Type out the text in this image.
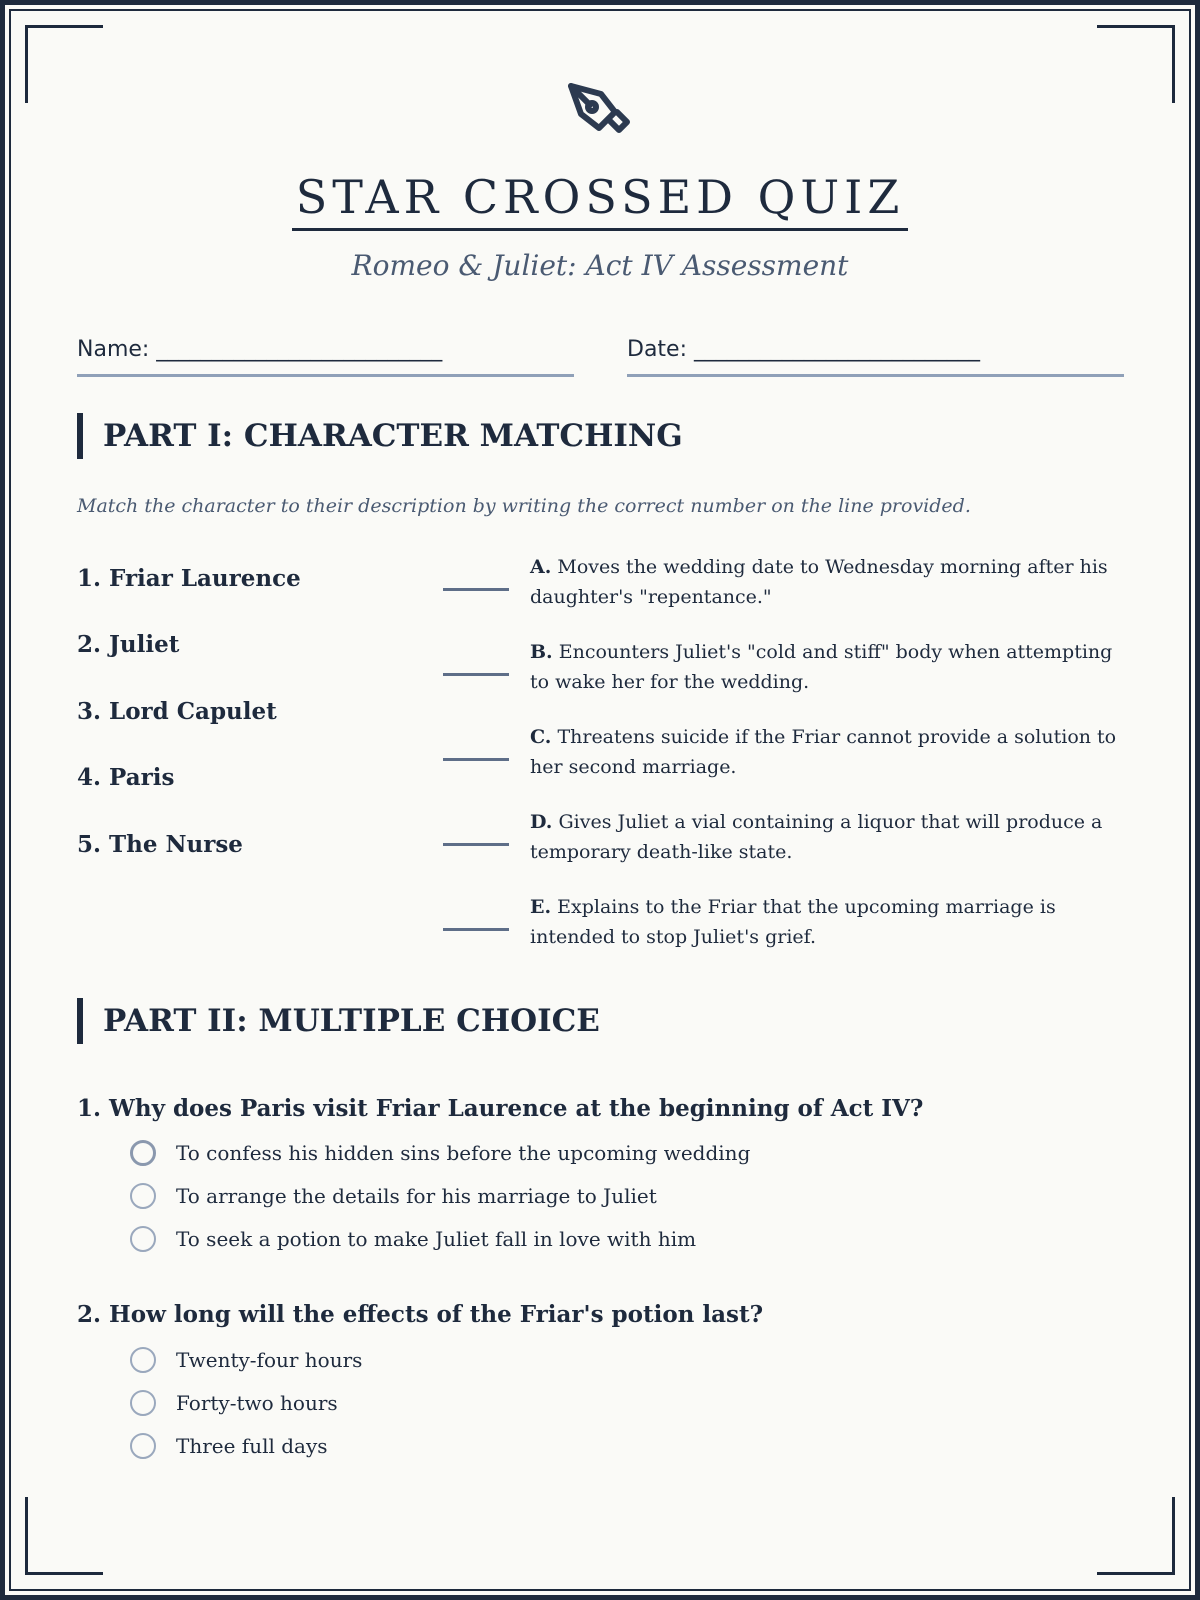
STAR CROSSED QUIZ
Romeo & Juliet: Act IV Assessment
Name: __________________________	Date: __________________________
PART I: CHARACTER MATCHING
Match the character to their description by writing the correct number on the line provided.
1. Friar Laurence
2. Juliet
3. Lord Capulet
4. Paris
5. The Nurse
A. Moves the wedding date to Wednesday morning after his daughter's "repentance."
B. Encounters Juliet's "cold and stiff" body when attempting to wake her for the wedding.
C. Threatens suicide if the Friar cannot provide a solution to her second marriage.
D. Gives Juliet a vial containing a liquor that will produce a temporary death-like state.
E. Explains to the Friar that the upcoming marriage is intended to stop Juliet's grief.
PART II: MULTIPLE CHOICE
1. Why does Paris visit Friar Laurence at the beginning of Act IV?
To confess his hidden sins before the upcoming wedding
To arrange the details for his marriage to Juliet
To seek a potion to make Juliet fall in love with him
2. How long will the effects of the Friar's potion last?
Twenty-four hours
Forty-two hours
Three full days
